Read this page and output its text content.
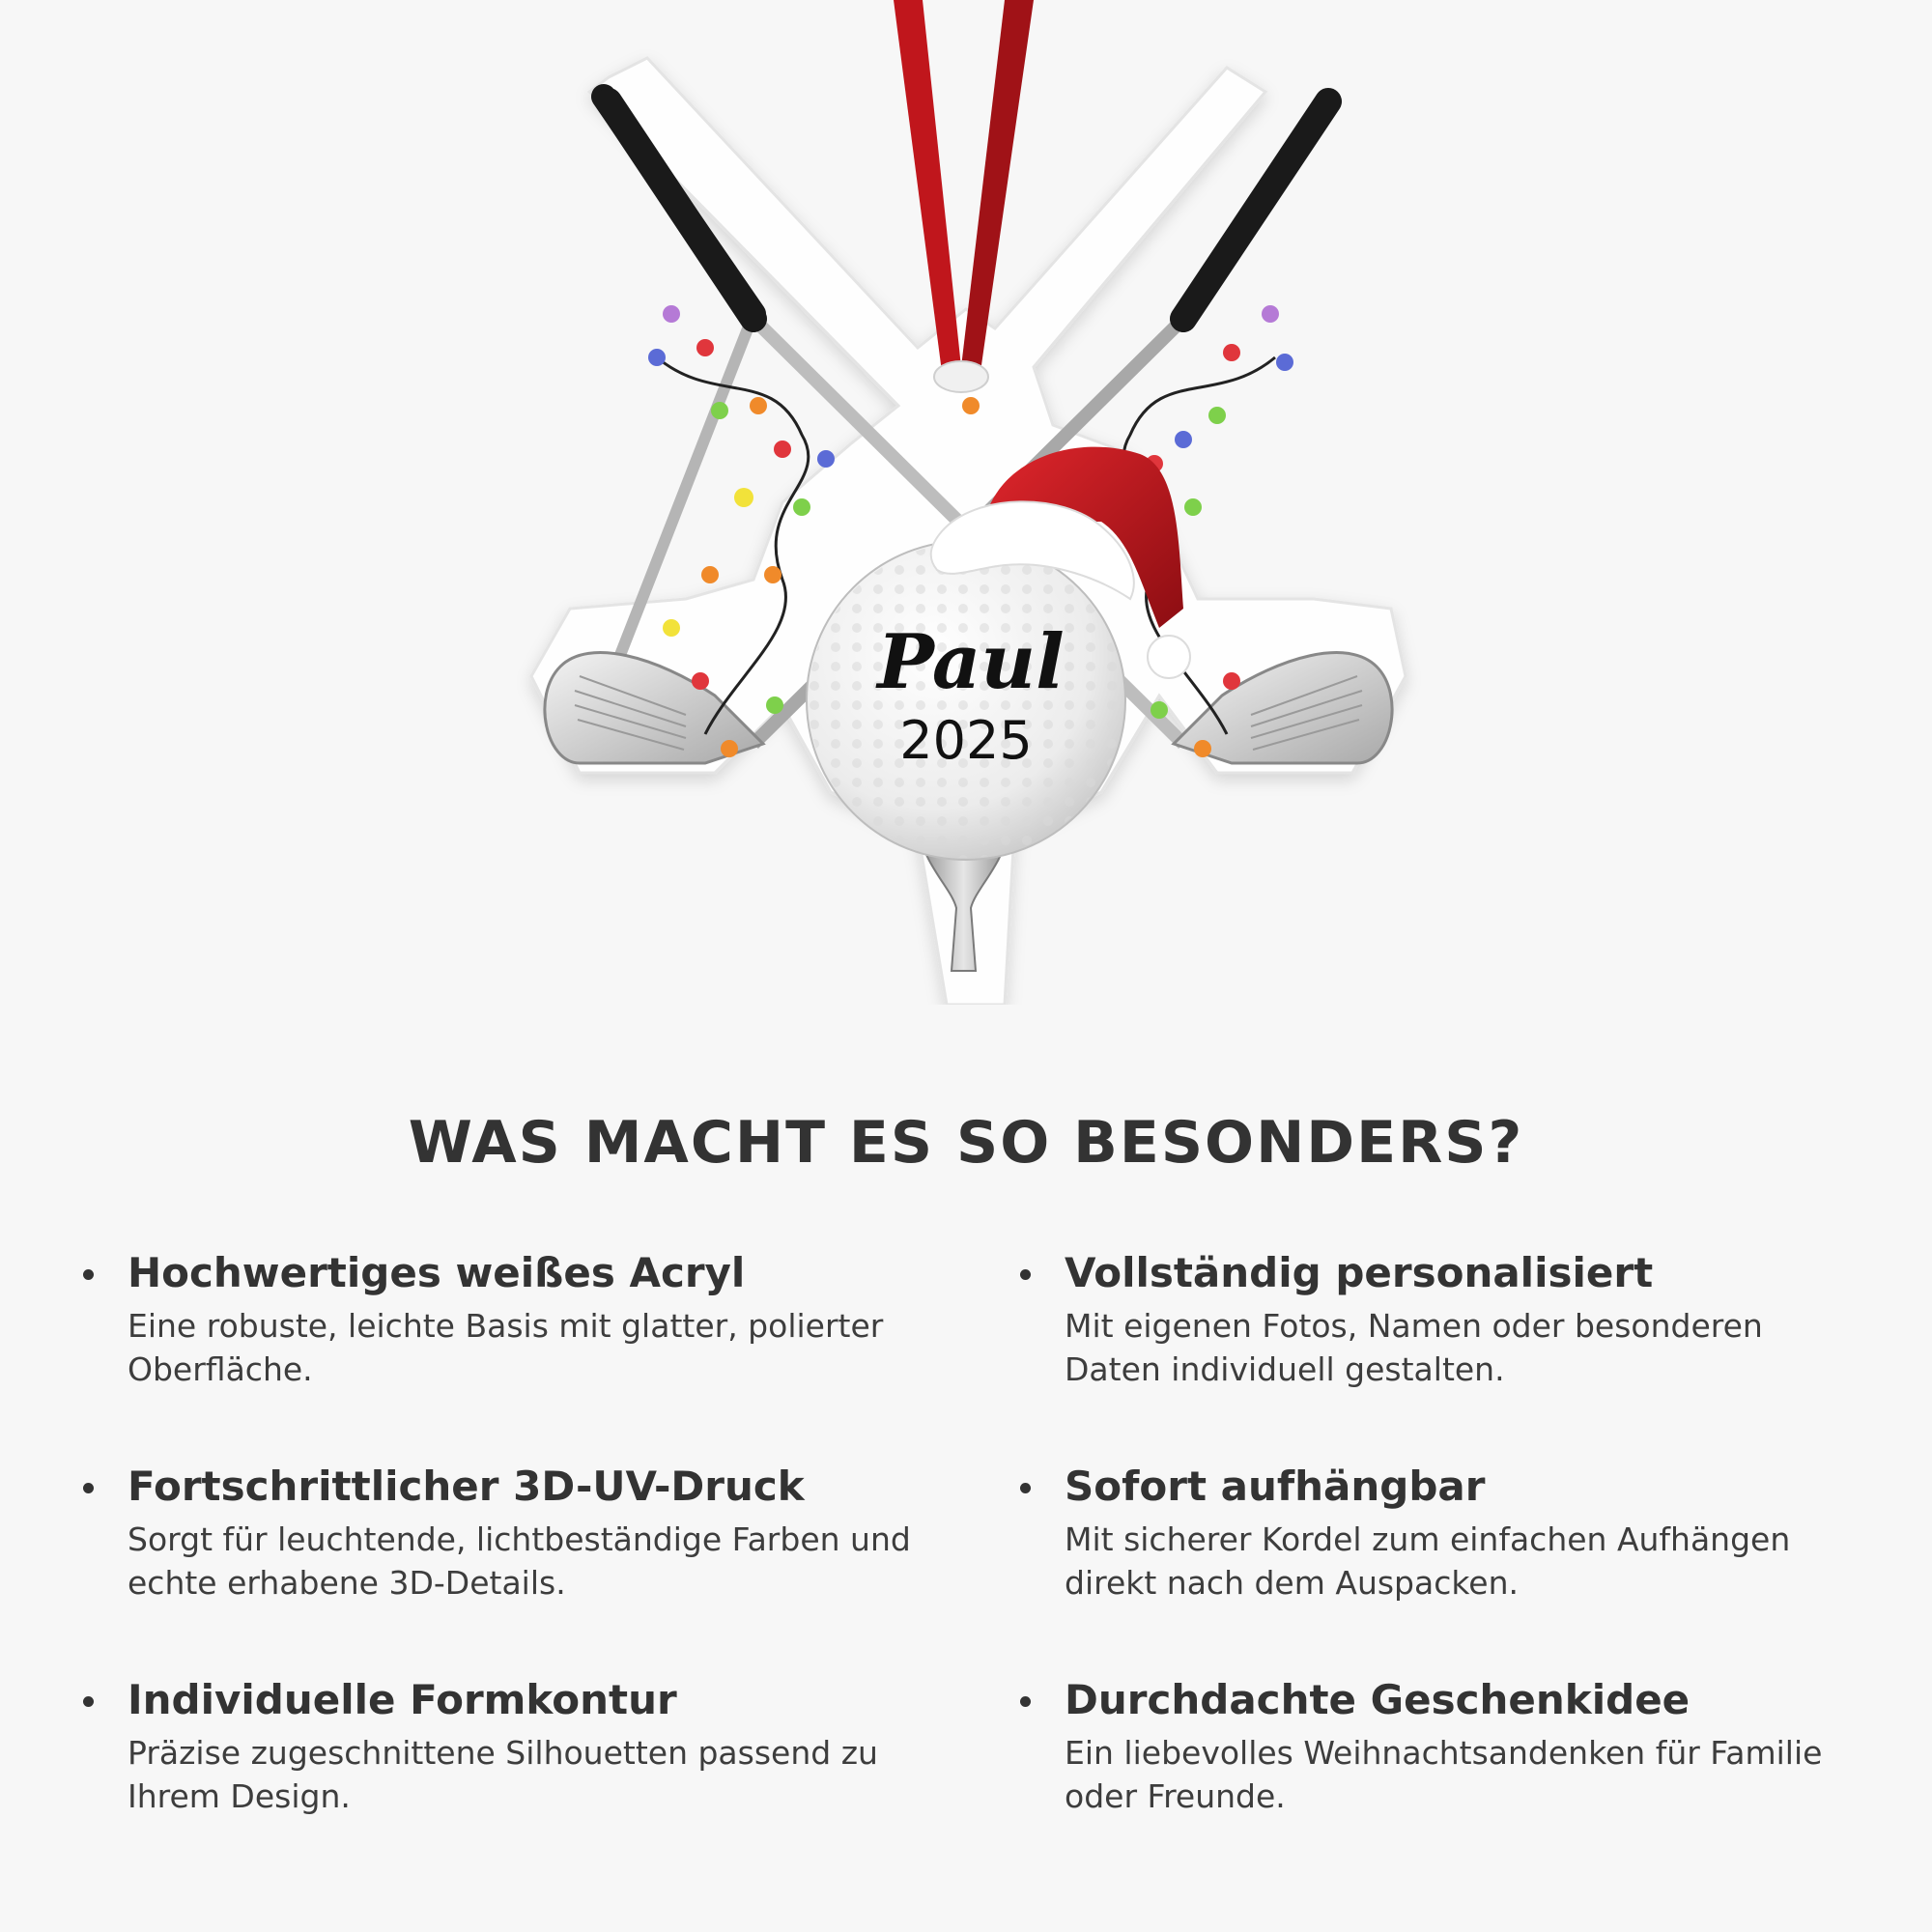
Paul
2025
WAS MACHT ES SO BESONDERS?
Hochwertiges weißes Acryl

Eine robuste, leichte Basis mit glatter, polierter Oberfläche.

Vollständig personalisiert

Mit eigenen Fotos, Namen oder besonderen Daten individuell gestalten.

Fortschrittlicher 3D-UV-Druck

Sorgt für leuchtende, lichtbeständige Farben und echte erhabene 3D-Details.

Sofort aufhängbar

Mit sicherer Kordel zum einfachen Aufhängen direkt nach dem Auspacken.

Individuelle Formkontur

Präzise zugeschnittene Silhouetten passend zu Ihrem Design.

Durchdachte Geschenkidee

Ein liebevolles Weihnachtsandenken für Familie oder Freunde.
